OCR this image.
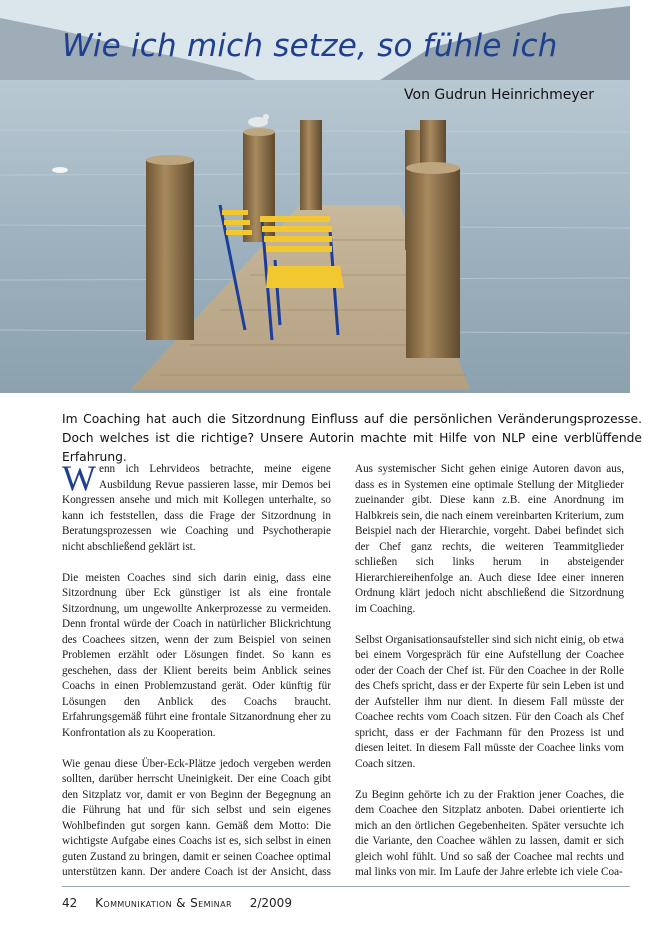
Wie ich mich setze, so fühle ich

Von Gudrun Heinrichmeyer

Im Coaching hat auch die Sitzordnung Einfluss auf die persönlichen Veränderungsprozesse. Doch welches ist die richtige? Unsere Autorin machte mit Hilfe von NLP eine verblüffende Erfahrung.

Wenn ich Lehrvideos betrachte, meine eigene Ausbildung Revue passieren lasse, mir Demos bei Kongressen ansehe und mich mit Kollegen unterhalte, so kann ich feststellen, dass die Frage der Sitzordnung in Beratungsprozessen wie Coaching und Psychotherapie nicht abschließend geklärt ist.

Die meisten Coaches sind sich darin einig, dass eine Sitzordnung über Eck günstiger ist als eine frontale Sitzordnung, um ungewollte Ankerprozesse zu vermeiden. Denn frontal würde der Coach in natürlicher Blickrichtung des Coachees sitzen, wenn der zum Beispiel von seinen Problemen erzählt oder Lösungen findet. So kann es geschehen, dass der Klient bereits beim Anblick seines Coachs in einen Problemzustand gerät. Oder künftig für Lösungen den Anblick des Coachs braucht. Erfahrungsgemäß führt eine frontale Sitzanordnung eher zu Konfrontation als zu Kooperation.

Wie genau diese Über-Eck-Plätze jedoch vergeben werden sollten, darüber herrscht Uneinigkeit. Der eine Coach gibt den Sitzplatz vor, damit er von Beginn der Begegnung an die Führung hat und für sich selbst und sein eigenes Wohlbefinden gut sorgen kann. Gemäß dem Motto: Die wichtigste Aufgabe eines Coachs ist es, sich selbst in einen guten Zustand zu bringen, damit er seinen Coachee optimal unterstützen kann. Der andere Coach ist der Ansicht, dass

Aus systemischer Sicht gehen einige Autoren davon aus, dass es in Systemen eine optimale Stellung der Mitglieder zueinander gibt. Diese kann z.B. eine Anordnung im Halbkreis sein, die nach einem vereinbarten Kriterium, zum Beispiel nach der Hierarchie, vorgeht. Dabei befindet sich der Chef ganz rechts, die weiteren Teammitglieder schließen sich links herum in absteigender Hierarchiereihenfolge an. Auch diese Idee einer inneren Ordnung klärt jedoch nicht abschließend die Sitzordnung im Coaching.

Selbst Organisationsaufsteller sind sich nicht einig, ob etwa bei einem Vorgespräch für eine Aufstellung der Coachee oder der Coach der Chef ist. Für den Coachee in der Rolle des Chefs spricht, dass er der Experte für sein Leben ist und der Aufsteller ihm nur dient. In diesem Fall müsste der Coachee rechts vom Coach sitzen. Für den Coach als Chef spricht, dass er der Fachmann für den Prozess ist und diesen leitet. In diesem Fall müsste der Coachee links vom Coach sitzen.

Zu Beginn gehörte ich zu der Fraktion jener Coaches, die dem Coachee den Sitzplatz anboten. Dabei orientierte ich mich an den örtlichen Gegebenheiten. Später versuchte ich die Variante, den Coachee wählen zu lassen, damit er sich gleich wohl fühlt. Und so saß der Coachee mal rechts und mal links von mir. Im Laufe der Jahre erlebte ich viele Coa-

42 Kommunikation & Seminar 2/2009
